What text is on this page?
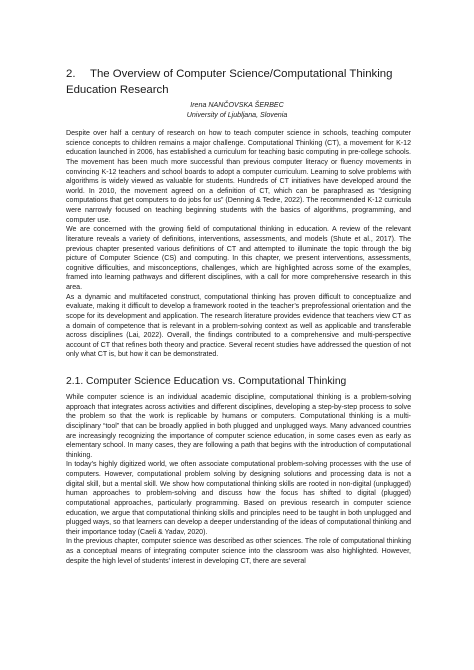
2. The Overview of Computer Science/Computational Thinking Education Research

Irena NANČOVSKA ŠERBEC

University of Ljubljana, Slovenia

Despite over half a century of research on how to teach computer science in schools, teaching computer science concepts to children remains a major challenge. Computational Thinking (CT), a movement for K-12 education launched in 2006, has established a curriculum for teaching basic computing in pre-college schools. The movement has been much more successful than previous computer literacy or fluency movements in convincing K-12 teachers and school boards to adopt a computer curriculum. Learning to solve problems with algorithms is widely viewed as valuable for students. Hundreds of CT initiatives have developed around the world. In 2010, the movement agreed on a definition of CT, which can be paraphrased as “designing computations that get computers to do jobs for us” (Denning & Tedre, 2022). The recommended K-12 curricula were narrowly focused on teaching beginning students with the basics of algorithms, programming, and computer use.

We are concerned with the growing field of computational thinking in education. A review of the relevant literature reveals a variety of definitions, interventions, assessments, and models (Shute et al., 2017). The previous chapter presented various definitions of CT and attempted to illuminate the topic through the big picture of Computer Science (CS) and computing. In this chapter, we present interventions, assessments, cognitive difficulties, and misconceptions, challenges, which are highlighted across some of the examples, framed into learning pathways and different disciplines, with a call for more comprehensive research in this area.

As a dynamic and multifaceted construct, computational thinking has proven difficult to conceptualize and evaluate, making it difficult to develop a framework rooted in the teacher’s preprofessional orientation and the scope for its development and application. The research literature provides evidence that teachers view CT as a domain of competence that is relevant in a problem-solving context as well as applicable and transferable across disciplines (Lai, 2022). Overall, the findings contributed to a comprehensive and multi-perspective account of CT that refines both theory and practice. Several recent studies have addressed the question of not only what CT is, but how it can be demonstrated.

2.1. Computer Science Education vs. Computational Thinking

While computer science is an individual academic discipline, computational thinking is a problem-solving approach that integrates across activities and different disciplines, developing a step-by-step process to solve the problem so that the work is replicable by humans or computers. Computational thinking is a multi-disciplinary “tool” that can be broadly applied in both plugged and unplugged ways. Many advanced countries are increasingly recognizing the importance of computer science education, in some cases even as early as elementary school. In many cases, they are following a path that begins with the introduction of computational thinking.

In today’s highly digitized world, we often associate computational problem-solving processes with the use of computers. However, computational problem solving by designing solutions and processing data is not a digital skill, but a mental skill. We show how computational thinking skills are rooted in non-digital (unplugged) human approaches to problem-solving and discuss how the focus has shifted to digital (plugged) computational approaches, particularly programming. Based on previous research in computer science education, we argue that computational thinking skills and principles need to be taught in both unplugged and plugged ways, so that learners can develop a deeper understanding of the ideas of computational thinking and their importance today (Caeli & Yadav, 2020).

In the previous chapter, computer science was described as other sciences. The role of computational thinking as a conceptual means of integrating computer science into the classroom was also highlighted. However, despite the high level of students’ interest in developing CT, there are several
